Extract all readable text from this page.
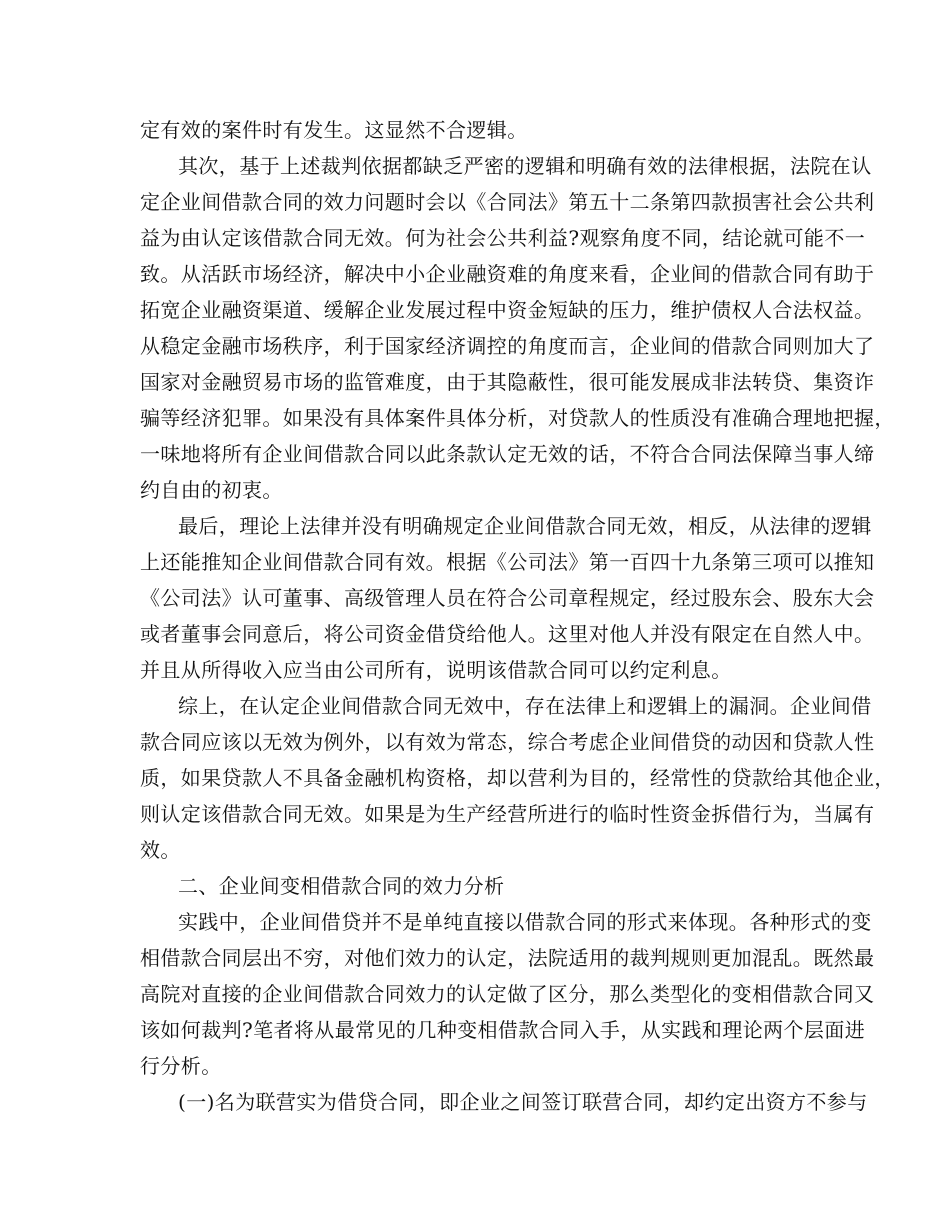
定有效的案件时有发生。这显然不合逻辑。
其次，基于上述裁判依据都缺乏严密的逻辑和明确有效的法律根据，法院在认
定企业间借款合同的效力问题时会以《合同法》第五十二条第四款损害社会公共利
益为由认定该借款合同无效。何为社会公共利益?观察角度不同，结论就可能不一
致。从活跃市场经济，解决中小企业融资难的角度来看，企业间的借款合同有助于
拓宽企业融资渠道、缓解企业发展过程中资金短缺的压力，维护债权人合法权益。
从稳定金融市场秩序，利于国家经济调控的角度而言，企业间的借款合同则加大了
国家对金融贸易市场的监管难度，由于其隐蔽性，很可能发展成非法转贷、集资诈
骗等经济犯罪。如果没有具体案件具体分析，对贷款人的性质没有准确合理地把握，
一味地将所有企业间借款合同以此条款认定无效的话，不符合合同法保障当事人缔
约自由的初衷。
最后，理论上法律并没有明确规定企业间借款合同无效，相反，从法律的逻辑
上还能推知企业间借款合同有效。根据《公司法》第一百四十九条第三项可以推知
《公司法》认可董事、高级管理人员在符合公司章程规定，经过股东会、股东大会
或者董事会同意后，将公司资金借贷给他人。这里对他人并没有限定在自然人中。
并且从所得收入应当由公司所有，说明该借款合同可以约定利息。
综上，在认定企业间借款合同无效中，存在法律上和逻辑上的漏洞。企业间借
款合同应该以无效为例外，以有效为常态，综合考虑企业间借贷的动因和贷款人性
质，如果贷款人不具备金融机构资格，却以营利为目的，经常性的贷款给其他企业，
则认定该借款合同无效。如果是为生产经营所进行的临时性资金拆借行为，当属有
效。
二、企业间变相借款合同的效力分析
实践中，企业间借贷并不是单纯直接以借款合同的形式来体现。各种形式的变
相借款合同层出不穷，对他们效力的认定，法院适用的裁判规则更加混乱。既然最
高院对直接的企业间借款合同效力的认定做了区分，那么类型化的变相借款合同又
该如何裁判?笔者将从最常见的几种变相借款合同入手，从实践和理论两个层面进
行分析。
(一)名为联营实为借贷合同，即企业之间签订联营合同，却约定出资方不参与
